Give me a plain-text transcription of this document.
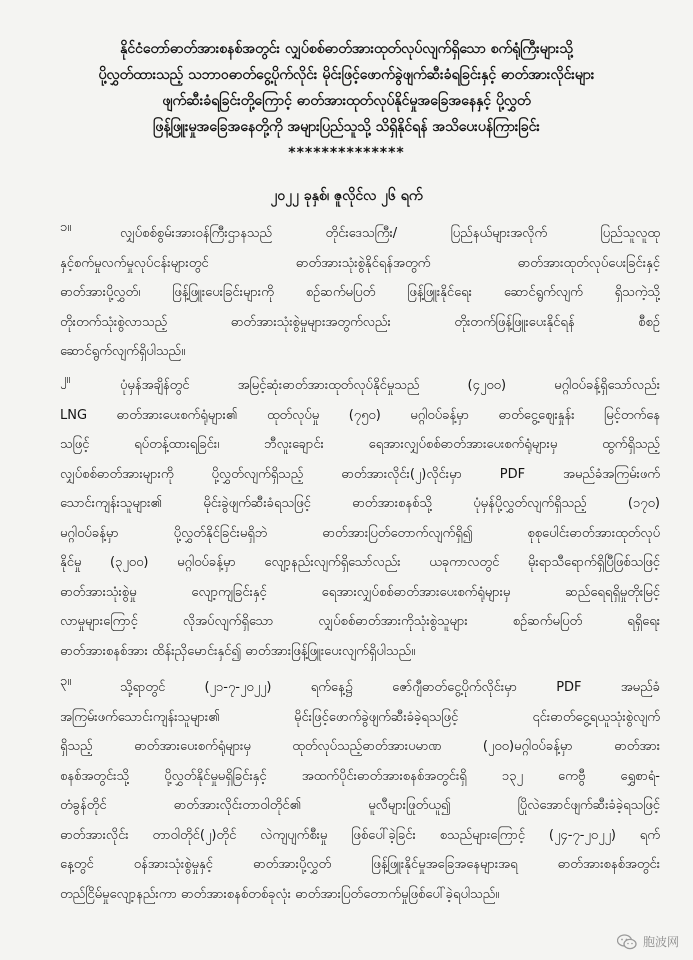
နိုင်ငံတော်ဓာတ်အားစနစ်အတွင်း လျှပ်စစ်ဓာတ်အားထုတ်လုပ်လျက်ရှိသော စက်ရုံကြီးများသို့
ပို့လွှတ်ထားသည့် သဘာဝဓာတ်ငွေ့ပိုက်လိုင်း မိုင်းဖြင့်ဖောက်ခွဲဖျက်ဆီးခံရခြင်းနှင့် ဓာတ်အားလိုင်းများ
ဖျက်ဆီးခံရခြင်းတို့ကြောင့် ဓာတ်အားထုတ်လုပ်နိုင်မှုအခြေအနေနှင့် ပို့လွှတ်
ဖြန့်ဖြူးမှုအခြေအနေတို့ကို အများပြည်သူသို့ သိရှိနိုင်ရန် အသိပေးပန်ကြားခြင်း
**************
၂၀၂၂ ခုနှစ်၊ ဇူလိုင်လ ၂၆ ရက်
၁။	လျှပ်စစ်စွမ်းအားဝန်ကြီးဌာနသည် တိုင်းဒေသကြီး/ ပြည်နယ်များအလိုက် ပြည်သူလူထု
နှင့်စက်မှုလက်မှုလုပ်ငန်းများတွင် ဓာတ်အားသုံးစွဲနိုင်ရန်အတွက် ဓာတ်အားထုတ်လုပ်ပေးခြင်းနှင့်
ဓာတ်အားပို့လွှတ်၊ ဖြန့်ဖြူးပေးခြင်းများကို စဉ်ဆက်မပြတ် ဖြန့်ဖြူးနိုင်ရေး ဆောင်ရွက်လျက် ရှိသကဲ့သို့
တိုးတက်သုံးစွဲလာသည့် ဓာတ်အားသုံးစွဲမှုများအတွက်လည်း တိုးတက်ဖြန့်ဖြူးပေးနိုင်ရန် စီစဉ်
ဆောင်ရွက်လျက်ရှိပါသည်။
၂။	ပုံမှန်အချိန်တွင် အမြင့်ဆုံးဓာတ်အားထုတ်လုပ်နိုင်မှုသည် (၄၂၀၀) မဂ္ဂါဝပ်ခန့်ရှိသော်လည်း
LNG ဓာတ်အားပေးစက်ရုံများ၏ ထုတ်လုပ်မှု (၇၅၀) မဂ္ဂါဝပ်ခန့်မှာ ဓာတ်ငွေ့စျေးနှုန်း မြင့်တက်နေ
သဖြင့် ရပ်တန့်ထားရခြင်း၊ ဘီလူးချောင်း ရေအားလျှပ်စစ်ဓာတ်အားပေးစက်ရုံများမှ ထွက်ရှိသည့်
လျှပ်စစ်ဓာတ်အားများကို ပို့လွှတ်လျက်ရှိသည့် ဓာတ်အားလိုင်း(၂)လိုင်းမှာ PDF အမည်ခံအကြမ်းဖက်
သောင်းကျန်းသူများ၏ မိုင်းခွဲဖျက်ဆီးခံရသဖြင့် ဓာတ်အားစနစ်သို့ ပုံမှန်ပို့လွှတ်လျက်ရှိသည့် (၁၇၀)
မဂ္ဂါဝပ်ခန့်မှာ ပို့လွှတ်နိုင်ခြင်းမရှိဘဲ ဓာတ်အားပြတ်တောက်လျက်ရှိ၍ စုစုပေါင်းဓာတ်အားထုတ်လုပ်
နိုင်မှု (၃၂၀၀) မဂ္ဂါဝပ်ခန့်မှာ လျော့နည်းလျက်ရှိသော်လည်း ယခုကာလတွင် မိုးရာသီရောက်ရှိပြီဖြစ်သဖြင့်
ဓာတ်အားသုံးစွဲမှု လျော့ကျခြင်းနှင့် ရေအားလျှပ်စစ်ဓာတ်အားပေးစက်ရုံများမှ ဆည်ရေရရှိမှုတိုးမြင့်
လာမှုများကြောင့် လိုအပ်လျက်ရှိသော လျှပ်စစ်ဓာတ်အားကိုသုံးစွဲသူများ စဉ်ဆက်မပြတ် ရရှိရေး
ဓာတ်အားစနစ်အား ထိန်းညှိမောင်းနှင်၍ ဓာတ်အားဖြန့်ဖြူးပေးလျက်ရှိပါသည်။
၃။	သို့ရာတွင် (၂၁-၇-၂၀၂၂) ရက်နေ့၌ ဇော်ဂျီဓာတ်ငွေ့ပိုက်လိုင်းမှာ PDF အမည်ခံ
အကြမ်းဖက်သောင်းကျန်းသူများ၏ မိုင်းဖြင့်ဖောက်ခွဲဖျက်ဆီးခံခဲ့ရသဖြင့် ၎င်းဓာတ်ငွေ့ရယူသုံးစွဲလျက်
ရှိသည့် ဓာတ်အားပေးစက်ရုံများမှ ထုတ်လုပ်သည့်ဓာတ်အားပမာဏ (၂၀၀)မဂ္ဂါဝပ်ခန့်မှာ ဓာတ်အား
စနစ်အတွင်းသို့ ပို့လွှတ်နိုင်မှုမရှိခြင်းနှင့် အထက်ပိုင်းဓာတ်အားစနစ်အတွင်းရှိ ၁၃၂ ကေဗွီ ရွှေစာရံ-
တံခွန်တိုင် ဓာတ်အားလိုင်းတာဝါတိုင်၏ မူလီများဖြုတ်ယူ၍ ပြိုလဲအောင်ဖျက်ဆီးခံခဲ့ရသဖြင့်
ဓာတ်အားလိုင်း တာဝါတိုင်(၂)တိုင် လဲကျပျက်စီးမှု ဖြစ်ပေါ်ခဲ့ခြင်း စသည်များကြောင့် (၂၄-၇-၂၀၂၂) ရက်
နေ့တွင် ဝန်အားသုံးစွဲမှုနှင့် ဓာတ်အားပို့လွှတ် ဖြန့်ဖြူးနိုင်မှုအခြေအနေများအရ ဓာတ်အားစနစ်အတွင်း
တည်ငြိမ်မှုလျော့နည်းကာ ဓာတ်အားစနစ်တစ်ခုလုံး ဓာတ်အားပြတ်တောက်မှုဖြစ်ပေါ်ခဲ့ရပါသည်။
胞波网
